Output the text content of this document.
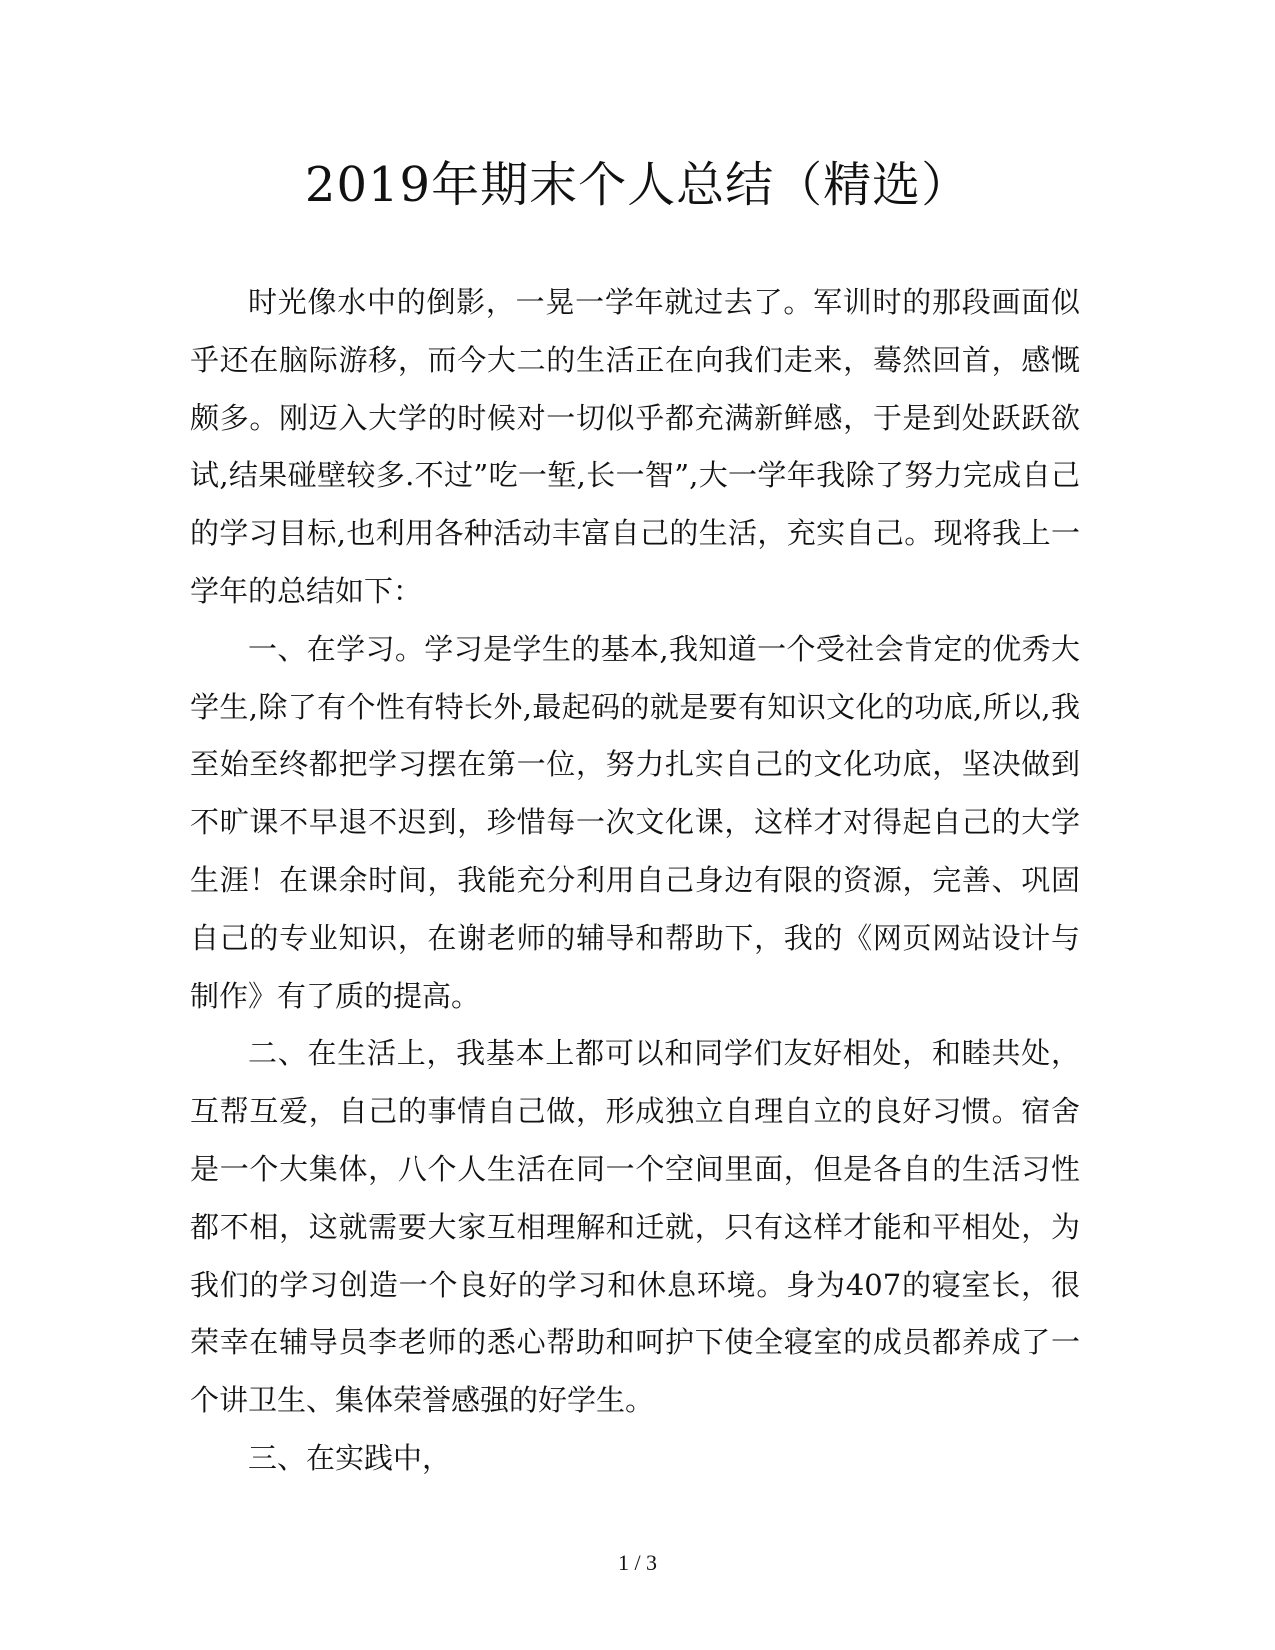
2019年期末个人总结（精选）

时光像水中的倒影，一晃一学年就过去了。军训时的那段画面似乎还在脑际游移，而今大二的生活正在向我们走来，蓦然回首，感慨颇多。刚迈入大学的时候对一切似乎都充满新鲜感，于是到处跃跃欲试,结果碰壁较多.不过”吃一堑,长一智”,大一学年我除了努力完成自己的学习目标,也利用各种活动丰富自己的生活，充实自己。现将我上一学年的总结如下：

一、在学习。学习是学生的基本,我知道一个受社会肯定的优秀大学生,除了有个性有特长外,最起码的就是要有知识文化的功底,所以,我至始至终都把学习摆在第一位，努力扎实自己的文化功底，坚决做到不旷课不早退不迟到，珍惜每一次文化课，这样才对得起自己的大学生涯！在课余时间，我能充分利用自己身边有限的资源，完善、巩固自己的专业知识，在谢老师的辅导和帮助下，我的《网页网站设计与制作》有了质的提高。

二、在生活上，我基本上都可以和同学们友好相处，和睦共处，互帮互爱，自己的事情自己做，形成独立自理自立的良好习惯。宿舍是一个大集体，八个人生活在同一个空间里面，但是各自的生活习性都不相，这就需要大家互相理解和迁就，只有这样才能和平相处，为我们的学习创造一个良好的学习和休息环境。身为407的寝室长，很荣幸在辅导员李老师的悉心帮助和呵护下使全寝室的成员都养成了一个讲卫生、集体荣誉感强的好学生。

三、在实践中，

1 / 3
